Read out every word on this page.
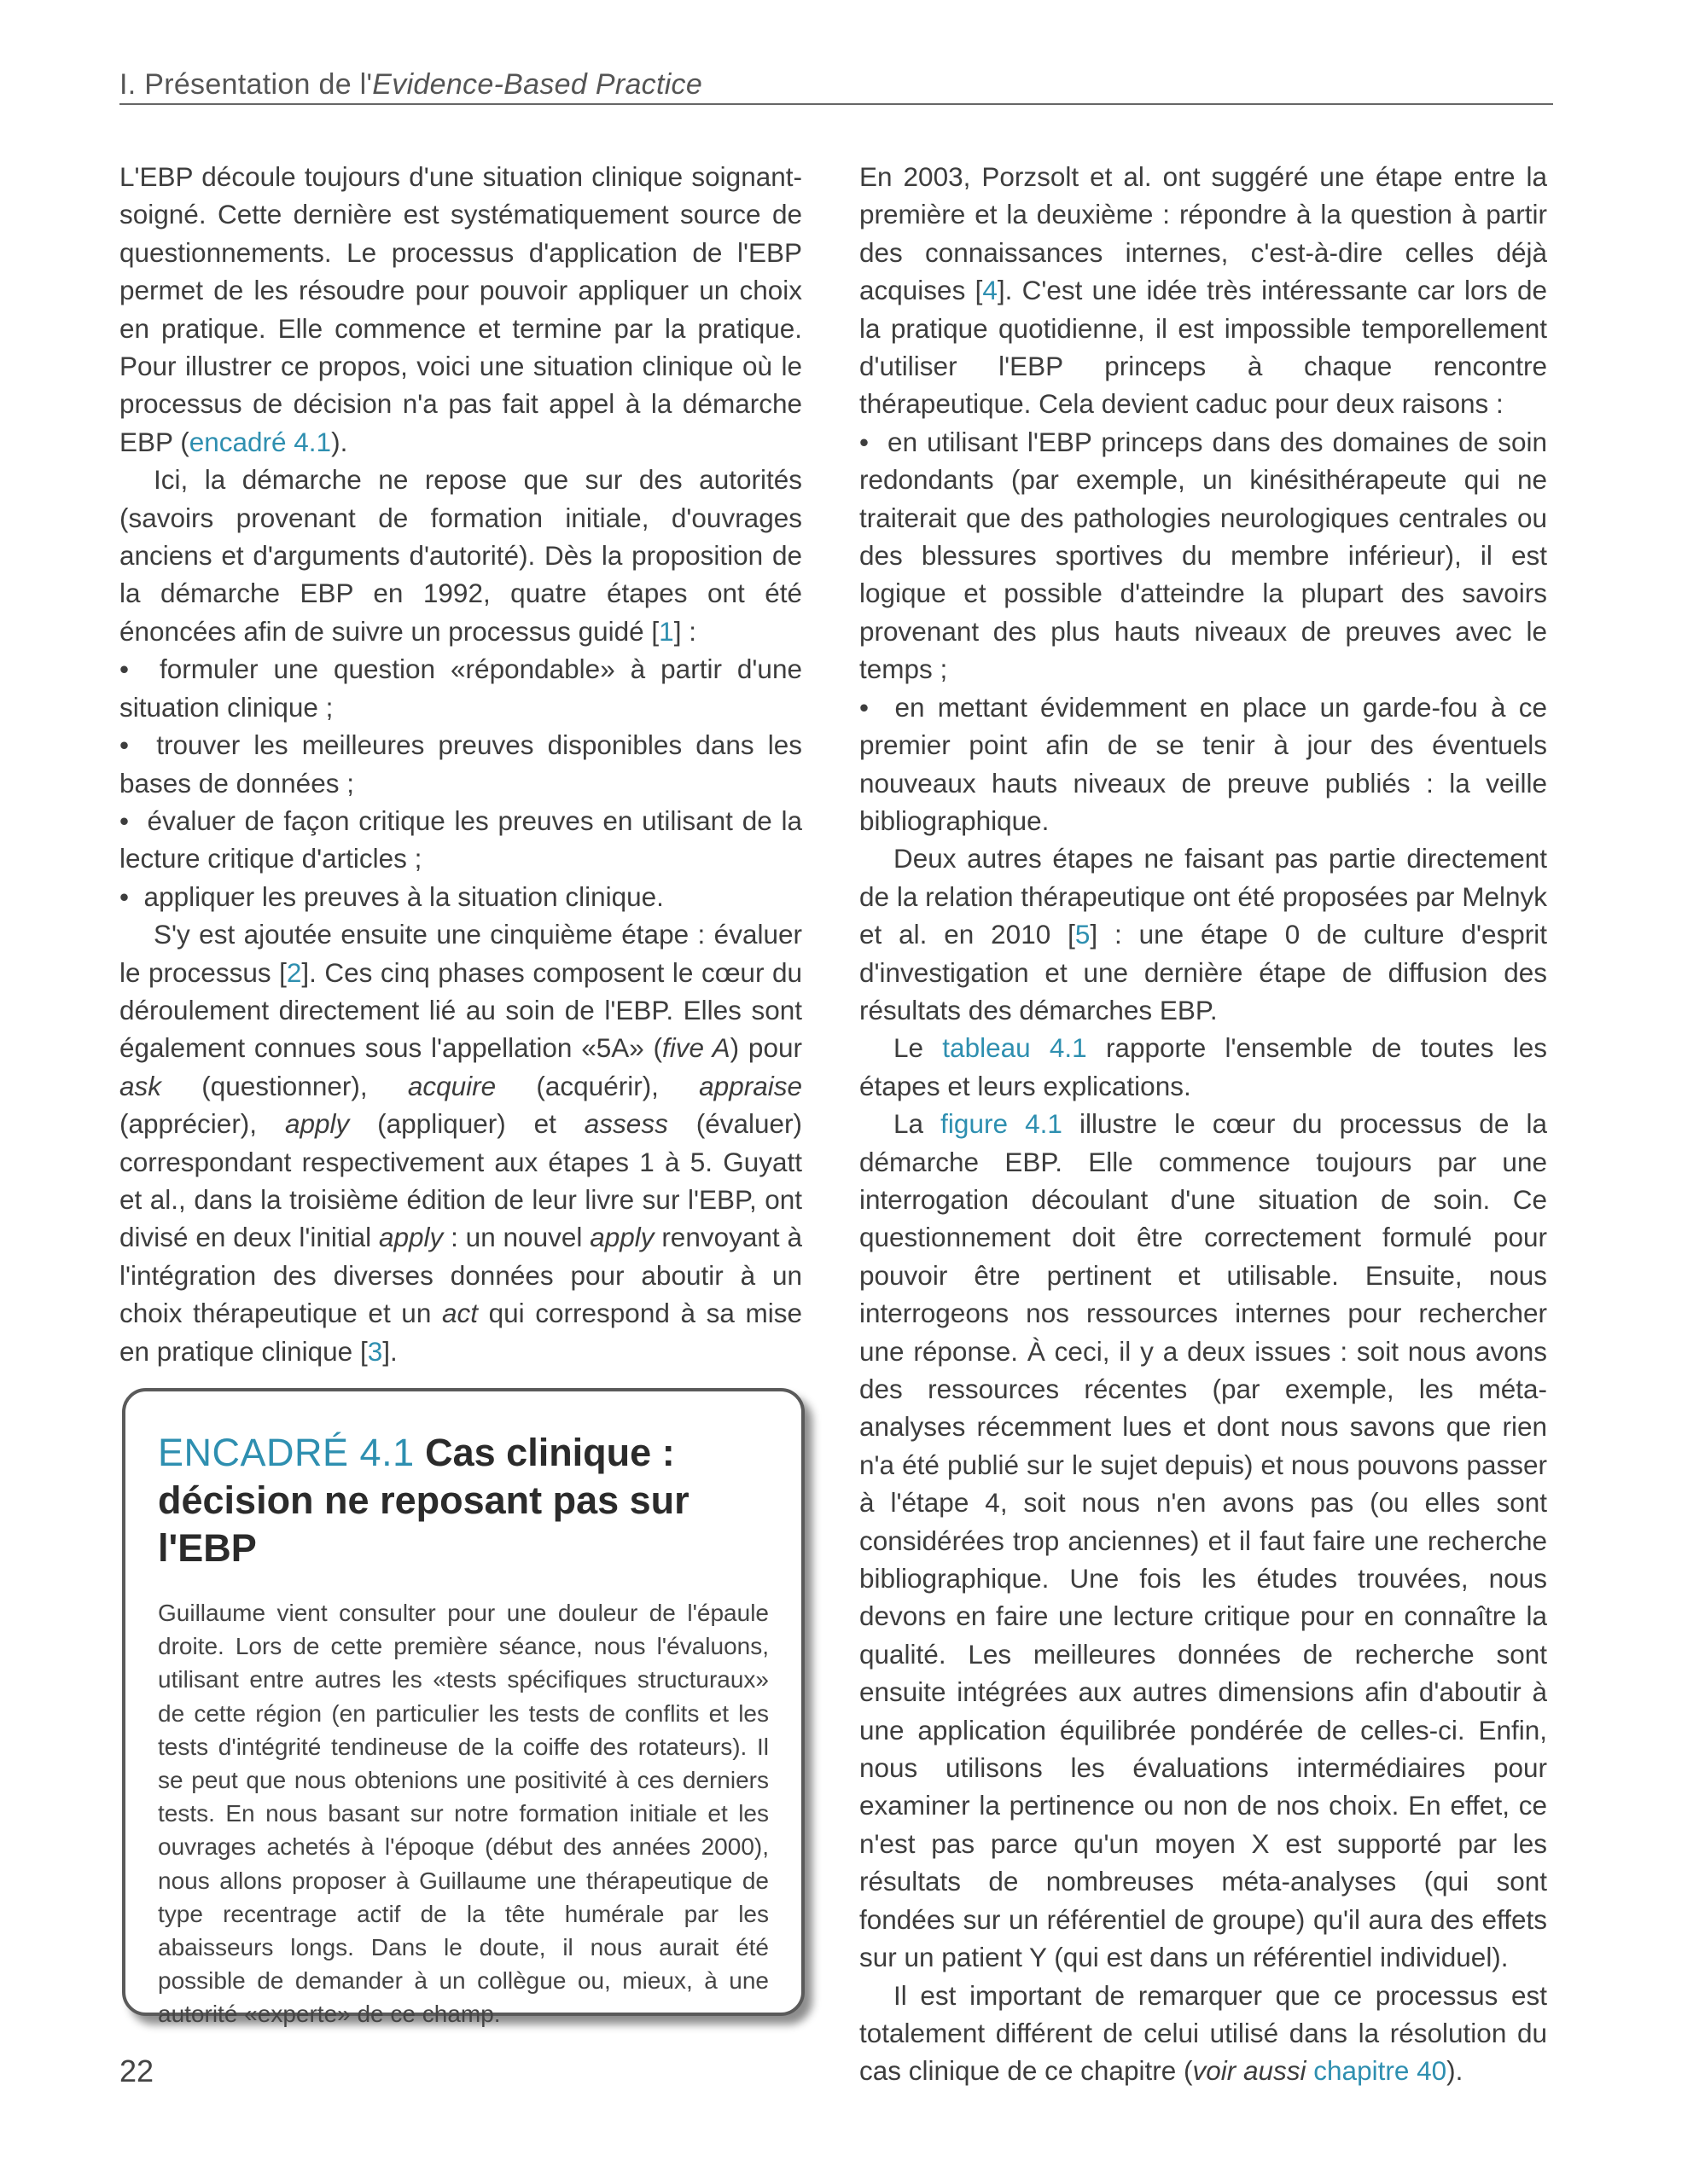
I. Présentation de l'Evidence-Based Practice

L'EBP découle toujours d'une situation clinique soignant-soigné. Cette dernière est systématiquement source de questionnements. Le processus d'application de l'EBP permet de les résoudre pour pouvoir appliquer un choix en pratique. Elle commence et termine par la pratique. Pour illustrer ce propos, voici une situation clinique où le processus de décision n'a pas fait appel à la démarche EBP (encadré 4.1).

Ici, la démarche ne repose que sur des autorités (savoirs provenant de formation initiale, d'ouvrages anciens et d'arguments d'autorité). Dès la proposition de la démarche EBP en 1992, quatre étapes ont été énoncées afin de suivre un processus guidé [1] :

•  formuler une question «répondable» à partir d'une situation clinique ;

•  trouver les meilleures preuves disponibles dans les bases de données ;

•  évaluer de façon critique les preuves en utilisant de la lecture critique d'articles ;

•  appliquer les preuves à la situation clinique.

S'y est ajoutée ensuite une cinquième étape : évaluer le processus [2]. Ces cinq phases composent le cœur du déroulement directement lié au soin de l'EBP. Elles sont également connues sous l'appellation «5A» (five A) pour ask (questionner), acquire (acquérir), appraise (apprécier), apply (appliquer) et assess (évaluer) correspondant respectivement aux étapes 1 à 5. Guyatt et al., dans la troisième édition de leur livre sur l'EBP, ont divisé en deux l'initial apply : un nouvel apply renvoyant à l'intégration des diverses données pour aboutir à un choix thérapeutique et un act qui correspond à sa mise en pratique clinique [3].

ENCADRÉ 4.1 Cas clinique : décision ne reposant pas sur l'EBP

Guillaume vient consulter pour une douleur de l'épaule droite. Lors de cette première séance, nous l'évaluons, utilisant entre autres les «tests spécifiques structuraux» de cette région (en particulier les tests de conflits et les tests d'intégrité tendineuse de la coiffe des rotateurs). Il se peut que nous obtenions une positivité à ces derniers tests. En nous basant sur notre formation initiale et les ouvrages achetés à l'époque (début des années 2000), nous allons proposer à Guillaume une thérapeutique de type recentrage actif de la tête humérale par les abaisseurs longs. Dans le doute, il nous aurait été possible de demander à un collègue ou, mieux, à une autorité «experte» de ce champ.

En 2003, Porzsolt et al. ont suggéré une étape entre la première et la deuxième : répondre à la question à partir des connaissances internes, c'est-à-dire celles déjà acquises [4]. C'est une idée très intéressante car lors de la pratique quotidienne, il est impossible temporellement d'utiliser l'EBP princeps à chaque rencontre thérapeutique. Cela devient caduc pour deux raisons :

•  en utilisant l'EBP princeps dans des domaines de soin redondants (par exemple, un kinésithérapeute qui ne traiterait que des pathologies neurologiques centrales ou des blessures sportives du membre inférieur), il est logique et possible d'atteindre la plupart des savoirs provenant des plus hauts niveaux de preuves avec le temps ;

•  en mettant évidemment en place un garde-fou à ce premier point afin de se tenir à jour des éventuels nouveaux hauts niveaux de preuve publiés : la veille bibliographique.

Deux autres étapes ne faisant pas partie directement de la relation thérapeutique ont été proposées par Melnyk et al. en 2010 [5] : une étape 0 de culture d'esprit d'investigation et une dernière étape de diffusion des résultats des démarches EBP.

Le tableau 4.1 rapporte l'ensemble de toutes les étapes et leurs explications.

La figure 4.1 illustre le cœur du processus de la démarche EBP. Elle commence toujours par une interrogation découlant d'une situation de soin. Ce questionnement doit être correctement formulé pour pouvoir être pertinent et utilisable. Ensuite, nous interrogeons nos ressources internes pour rechercher une réponse. À ceci, il y a deux issues : soit nous avons des ressources récentes (par exemple, les méta-analyses récemment lues et dont nous savons que rien n'a été publié sur le sujet depuis) et nous pouvons passer à l'étape 4, soit nous n'en avons pas (ou elles sont considérées trop anciennes) et il faut faire une recherche bibliographique. Une fois les études trouvées, nous devons en faire une lecture critique pour en connaître la qualité. Les meilleures données de recherche sont ensuite intégrées aux autres dimensions afin d'aboutir à une application équilibrée pondérée de celles-ci. Enfin, nous utilisons les évaluations intermédiaires pour examiner la pertinence ou non de nos choix. En effet, ce n'est pas parce qu'un moyen X est supporté par les résultats de nombreuses méta-analyses (qui sont fondées sur un référentiel de groupe) qu'il aura des effets sur un patient Y (qui est dans un référentiel individuel).

Il est important de remarquer que ce processus est totalement différent de celui utilisé dans la résolution du cas clinique de ce chapitre (voir aussi chapitre 40).

22
